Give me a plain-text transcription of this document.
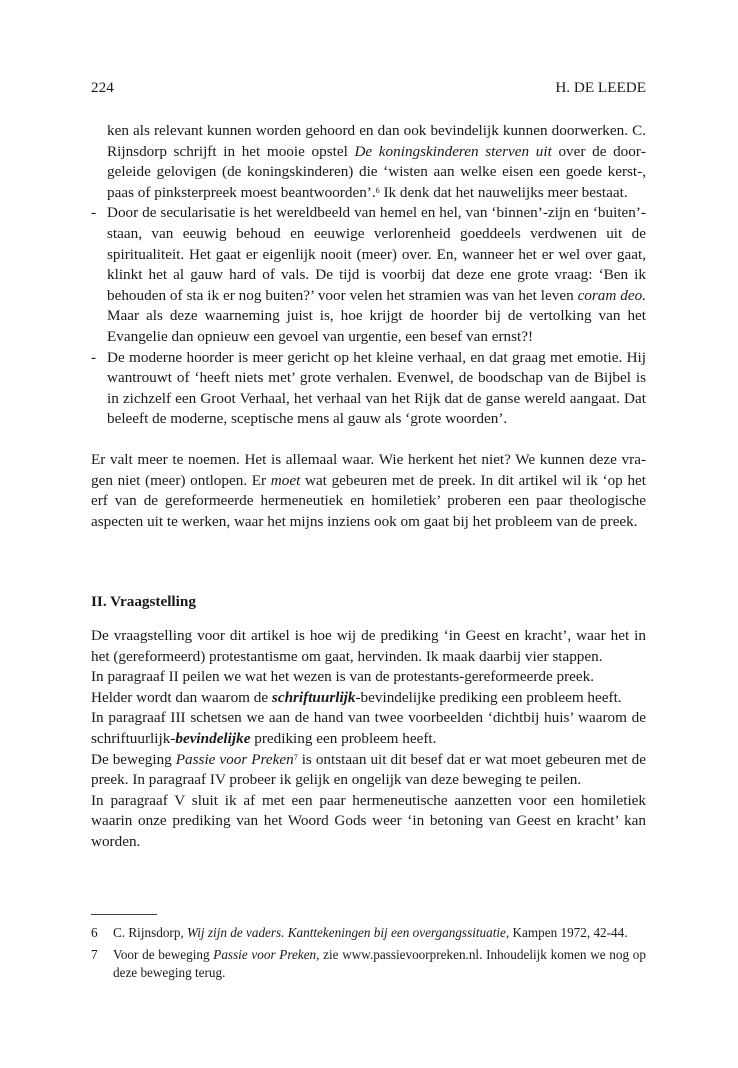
224	H. DE LEEDE

ken als relevant kunnen worden gehoord en dan ook bevindelijk kunnen doorwerken. C. Rijnsdorp schrijft in het mooie opstel De koningskinderen sterven uit over de doorgeleide gelovigen (de koningskinderen) die ‘wisten aan welke eisen een goede kerst-, paas of pinksterpreek moest beantwoorden’.$^6$ Ik denk dat het nauwelijks meer bestaat.

- Door de secularisatie is het wereldbeeld van hemel en hel, van ‘binnen’-zijn en ‘buiten’-staan, van eeuwig behoud en eeuwige verlorenheid goeddeels verdwenen uit de spiritualiteit. Het gaat er eigenlijk nooit (meer) over. En, wanneer het er wel over gaat, klinkt het al gauw hard of vals. De tijd is voorbij dat deze ene grote vraag: ‘Ben ik behouden of sta ik er nog buiten?’ voor velen het stramien was van het leven coram deo. Maar als deze waarneming juist is, hoe krijgt de hoorder bij de vertolking van het Evangelie dan opnieuw een gevoel van urgentie, een besef van ernst?!

- De moderne hoorder is meer gericht op het kleine verhaal, en dat graag met emotie. Hij wantrouwt of ‘heeft niets met’ grote verhalen. Evenwel, de boodschap van de Bijbel is in zichzelf een Groot Verhaal, het verhaal van het Rijk dat de ganse wereld aangaat. Dat beleeft de moderne, sceptische mens al gauw als ‘grote woorden’.

Er valt meer te noemen. Het is allemaal waar. Wie herkent het niet? We kunnen deze vragen niet (meer) ontlopen. Er moet wat gebeuren met de preek. In dit artikel wil ik ‘op het erf van de gereformeerde hermeneutiek en homiletiek’ proberen een paar theologische aspecten uit te werken, waar het mijns inziens ook om gaat bij het probleem van de preek.

II. Vraagstelling

De vraagstelling voor dit artikel is hoe wij de prediking ‘in Geest en kracht’, waar het in het (gereformeerd) protestantisme om gaat, hervinden. Ik maak daarbij vier stappen.

In paragraaf II peilen we wat het wezen is van de protestants-gereformeerde preek.

Helder wordt dan waarom de schriftuurlijk-bevindelijke prediking een probleem heeft.

In paragraaf III schetsen we aan de hand van twee voorbeelden ‘dichtbij huis’ waarom de schriftuurlijk-bevindelijke prediking een probleem heeft.

De beweging Passie voor Preken$^7$ is ontstaan uit dit besef dat er wat moet gebeuren met de preek. In paragraaf IV probeer ik gelijk en ongelijk van deze beweging te peilen.

In paragraaf V sluit ik af met een paar hermeneutische aanzetten voor een homiletiek waarin onze prediking van het Woord Gods weer ‘in betoning van Geest en kracht’ kan worden.

6 C. Rijnsdorp, Wij zijn de vaders. Kanttekeningen bij een overgangssituatie, Kampen 1972, 42-44.
7 Voor de beweging Passie voor Preken, zie www.passievoorpreken.nl. Inhoudelijk komen we nog op deze beweging terug.
